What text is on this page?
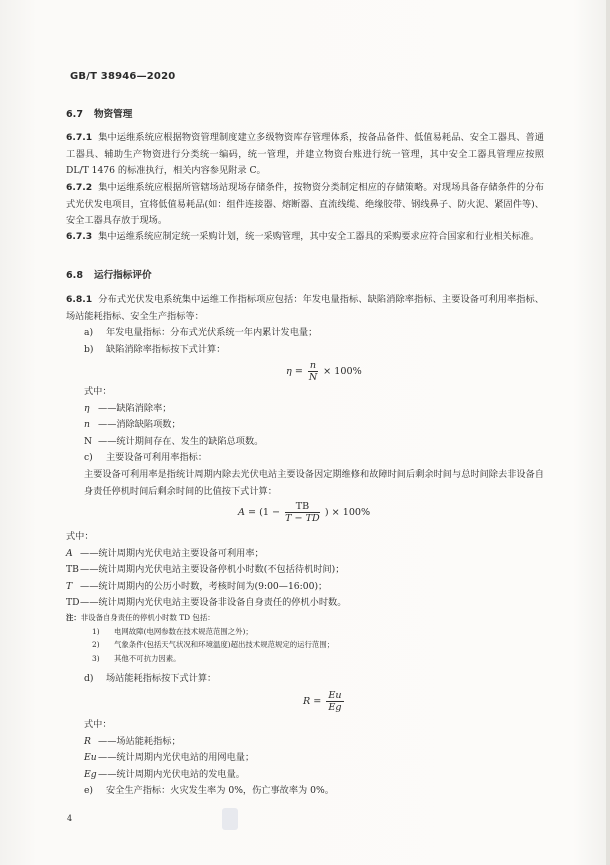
GB/T 38946—2020
6.7 物资管理
6.7.1 集中运维系统应根据物资管理制度建立多级物资库存管理体系，按备品备件、低值易耗品、安全工器具、普通工器具、辅助生产物资进行分类统一编码，统一管理，并建立物资台账进行统一管理，其中安全工器具管理应按照 DL/T 1476 的标准执行，相关内容参见附录 C。
6.7.2 集中运维系统应根据所管辖场站现场存储条件，按物资分类制定相应的存储策略。对现场具备存储条件的分布式光伏发电项目，宜将低值易耗品(如：组件连接器、熔断器、直流线缆、绝缘胶带、钢线鼻子、防火泥、紧固件等)、安全工器具存放于现场。
6.7.3 集中运维系统应制定统一采购计划，统一采购管理，其中安全工器具的采购要求应符合国家和行业相关标准。
6.8 运行指标评价
6.8.1 分布式光伏发电系统集中运维工作指标项应包括：年发电量指标、缺陷消除率指标、主要设备可利用率指标、场站能耗指标、安全生产指标等：
a) 年发电量指标：分布式光伏系统一年内累计发电量；
b) 缺陷消除率指标按下式计算：
$\eta = \frac{n}{N} \times 100\%$
式中：
η ——缺陷消除率；
n ——消除缺陷项数；
N ——统计期间存在、发生的缺陷总项数。
c) 主要设备可利用率指标：
主要设备可利用率是指统计周期内除去光伏电站主要设备因定期维修和故障时间后剩余时间与总时间除去非设备自身责任停机时间后剩余时间的比值按下式计算：
$A = (1 - \frac{TB}{T - TD}$ ) × 100%
式中：
A ——统计周期内光伏电站主要设备可利用率；
TB——统计周期内光伏电站主要设备停机小时数(不包括待机时间)；
T ——统计周期内的公历小时数，考核时间为(9:00—16:00)；
TD——统计周期内光伏电站主要设备非设备自身责任的停机小时数。
注：非设备自身责任的停机小时数 TD 包括：
1) 电网故障(电网参数在技术规范范围之外)；
2) 气象条件(包括天气状况和环境温度)超出技术规范规定的运行范围；
3) 其他不可抗力因素。
d) 场站能耗指标按下式计算：
$R = \frac{Eu}{Eg}$
式中：
R ——场站能耗指标；
Eu——统计周期内光伏电站的用网电量；
Eg——统计周期内光伏电站的发电量。
e) 安全生产指标：火灾发生率为 0%，伤亡事故率为 0%。
4
